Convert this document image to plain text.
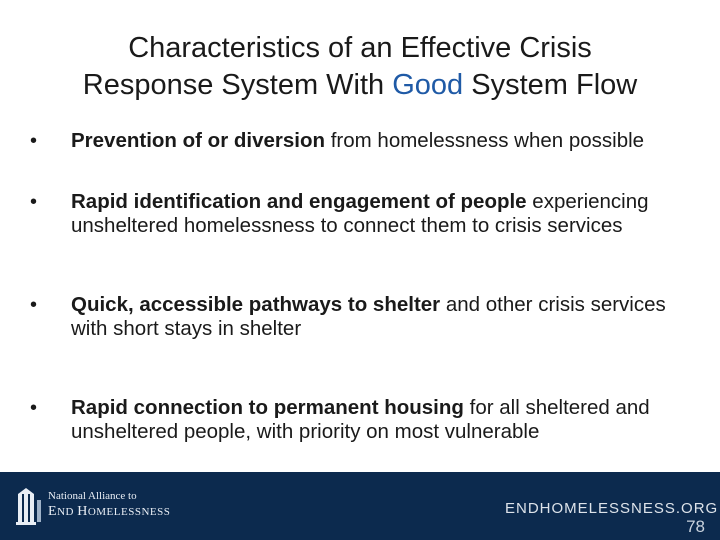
Characteristics of an Effective Crisis
Response System With Good System Flow
•	Prevention of or diversion from homelessness when possible
•	Rapid identification and engagement of people experiencing unsheltered homelessness to connect them to crisis services
•	Quick, accessible pathways to shelter and other crisis services with short stays in shelter
•	Rapid connection to permanent housing for all sheltered and unsheltered people, with priority on most vulnerable
National Alliance to
END HOMELESSNESS	ENDHOMELESSNESS.ORG
78
